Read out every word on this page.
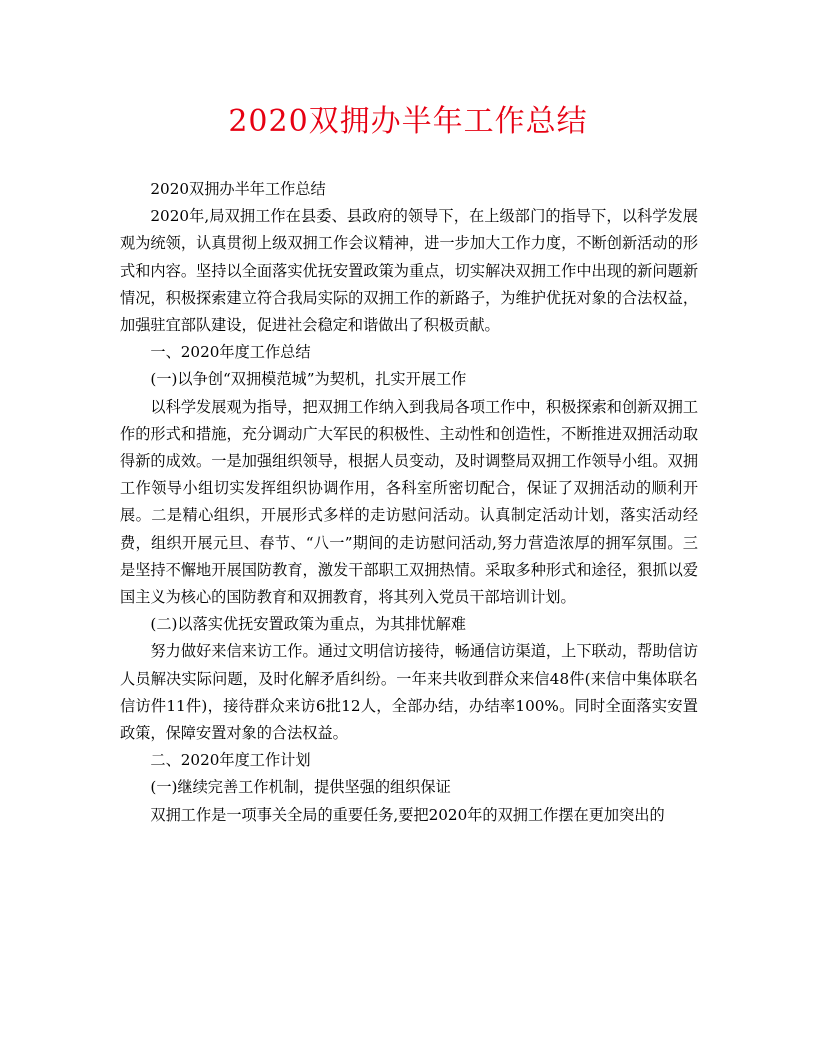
2020双拥办半年工作总结

2020双拥办半年工作总结

2020年,局双拥工作在县委、县政府的领导下，在上级部门的指导下，以科学发展观为统领，认真贯彻上级双拥工作会议精神，进一步加大工作力度，不断创新活动的形式和内容。坚持以全面落实优抚安置政策为重点，切实解决双拥工作中出现的新问题新情况，积极探索建立符合我局实际的双拥工作的新路子，为维护优抚对象的合法权益，加强驻宜部队建设，促进社会稳定和谐做出了积极贡献。

一、2020年度工作总结

(一)以争创“双拥模范城”为契机，扎实开展工作

以科学发展观为指导，把双拥工作纳入到我局各项工作中，积极探索和创新双拥工作的形式和措施，充分调动广大军民的积极性、主动性和创造性，不断推进双拥活动取得新的成效。一是加强组织领导，根据人员变动，及时调整局双拥工作领导小组。双拥工作领导小组切实发挥组织协调作用，各科室所密切配合，保证了双拥活动的顺利开展。二是精心组织，开展形式多样的走访慰问活动。认真制定活动计划，落实活动经费，组织开展元旦、春节、“八一”期间的走访慰问活动,努力营造浓厚的拥军氛围。三是坚持不懈地开展国防教育，激发干部职工双拥热情。采取多种形式和途径，狠抓以爱国主义为核心的国防教育和双拥教育，将其列入党员干部培训计划。

(二)以落实优抚安置政策为重点，为其排忧解难

努力做好来信来访工作。通过文明信访接待，畅通信访渠道，上下联动，帮助信访人员解决实际问题，及时化解矛盾纠纷。一年来共收到群众来信48件(来信中集体联名信访件11件)，接待群众来访6批12人，全部办结，办结率100%。同时全面落实安置政策，保障安置对象的合法权益。

二、2020年度工作计划

(一)继续完善工作机制，提供坚强的组织保证

双拥工作是一项事关全局的重要任务,要把2020年的双拥工作摆在更加突出的
